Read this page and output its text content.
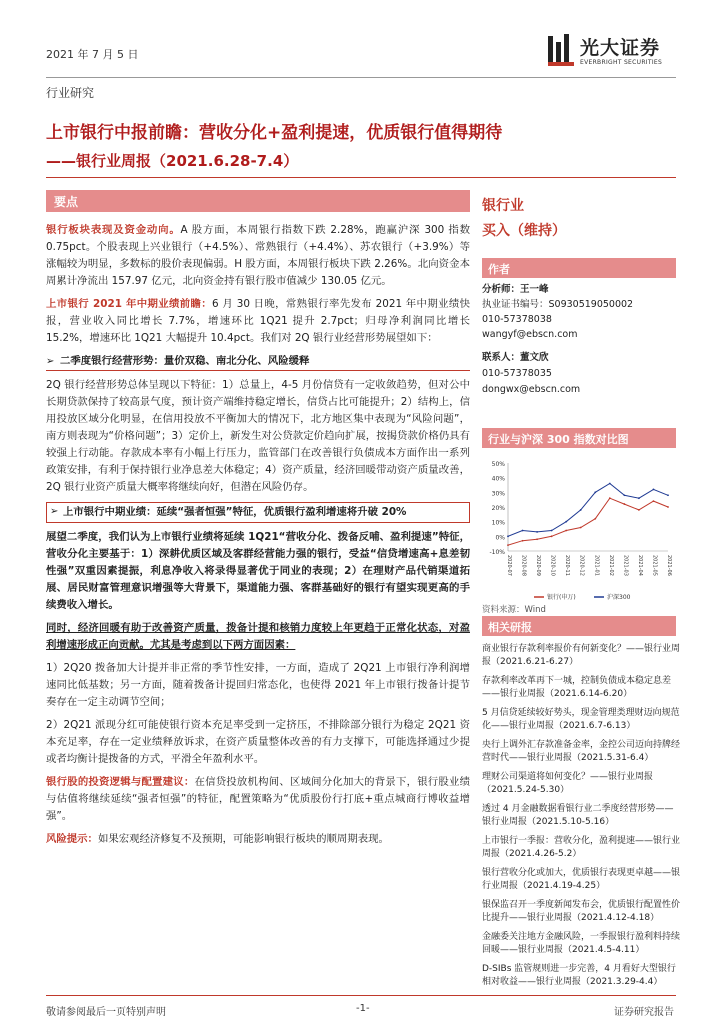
2021 年 7 月 5 日	光大证券
EVERBRIGHT SECURITIES
行业研究
上市银行中报前瞻：营收分化+盈利提速，优质银行值得期待
——银行业周报（2021.6.28-7.4）
要点

银行板块表现及资金动向。A 股方面，本周银行指数下跌 2.28%，跑赢沪深 300 指数 0.75pct。个股表现上兴业银行（+4.5%）、常熟银行（+4.4%）、苏农银行（+3.9%）等涨幅较为明显，多数标的股价表现偏弱。H 股方面，本周银行板块下跌 2.26%。北向资金本周累计净流出 157.97 亿元，北向资金持有银行股市值减少 130.05 亿元。

上市银行 2021 年中期业绩前瞻：6 月 30 日晚，常熟银行率先发布 2021 年中期业绩快报，营业收入同比增长 7.7%，增速环比 1Q21 提升 2.7pct；归母净利润同比增长 15.2%，增速环比 1Q21 大幅提升 10.4pct。我们对 2Q 银行业经营形势展望如下：

➢ 二季度银行经营形势：量价双稳、南北分化、风险缓释

2Q 银行经营形势总体呈现以下特征：1）总量上，4-5 月份信贷有一定收敛趋势，但对公中长期贷款保持了较高景气度，预计资产端维持稳定增长，信贷占比可能提升；2）结构上，信用投放区域分化明显，在信用投放不平衡加大的情况下，北方地区集中表现为“风险问题”，南方则表现为“价格问题”；3）定价上，新发生对公贷款定价趋向扩展，按揭贷款价格仍具有较强上行动能。存款成本率有小幅上行压力，监管部门在改善银行负债成本方面作出一系列政策安排，有利于保持银行业净息差大体稳定；4）资产质量，经济回暖带动资产质量改善，2Q 银行业资产质量大概率将继续向好，但潜在风险仍存。

➢ 上市银行中期业绩：延续“强者恒强”特征，优质银行盈利增速将升破 20%

展望二季度，我们认为上市银行业绩将延续 1Q21“营收分化、拨备反哺、盈利提速”特征， 营收分化主要基于：1）深耕优质区域及客群经营能力强的银行，受益“信贷增速高+息差韧性强”双重因素提振，利息净收入将录得显著优于同业的表现；2）在理财产品代销渠道拓展、居民财富管理意识增强等大背景下，渠道能力强、客群基础好的银行有望实现更高的手续费收入增长。

同时，经济回暖有助于改善资产质量，拨备计提和核销力度较上年更趋于正常化状态，对盈利增速形成正向贡献。尤其是考虑到以下两方面因素：

1）2Q20 拨备加大计提并非正常的季节性安排，一方面，造成了 2Q21 上市银行净利润增速同比低基数；另一方面，随着拨备计提回归常态化，也使得 2021 年上市银行拨备计提节奏存在一定主动调节空间；

2）2Q21 派现分红可能使银行资本充足率受到一定挤压，不排除部分银行为稳定 2Q21 资本充足率，存在一定业绩释放诉求，在资产质量整体改善的有力支撑下，可能选择通过少提或者均衡计提拨备的方式，平滑全年盈利水平。

银行股的投资逻辑与配置建议：在信贷投放机构间、区域间分化加大的背景下，银行股业绩与估值将继续延续“强者恒强”的特征，配置策略为“优质股份行打底+重点城商行博收益增强”。

风险提示：如果宏观经济修复不及预期，可能影响银行板块的顺周期表现。

银行业
买入（维持）
作者
分析师：王一峰
执业证书编号：S0930519050002
010-57378038
wangyf@ebscn.com
联系人：董文欣
010-57378035
dongwx@ebscn.com
行业与沪深 300 指数对比图
50%
40%
30%
20%
10%
0%
-10%
2020-07 2020-08 2020-09 2020-10 2020-11 2020-12 2021-01 2021-02 2021-03 2021-04 2021-05 2021-06
银行(申万)	沪深300
资料来源：Wind
相关研报
商业银行存款利率报价有何新变化？——银行业周报（2021.6.21-6.27）
存款利率改革再下一城，控制负债成本稳定息差——银行业周报（2021.6.14-6.20）
5 月信贷延续较好势头，现金管理类理财迈向规范化——银行业周报（2021.6.7-6.13）
央行上调外汇存款准备金率，金控公司迈向持牌经营时代——银行业周报（2021.5.31-6.4）
理财公司渠道将如何变化？——银行业周报（2021.5.24-5.30）
透过 4 月金融数据看银行业二季度经营形势——银行业周报（2021.5.10-5.16）
上市银行一季报：营收分化，盈利提速——银行业周报（2021.4.26-5.2）
银行营收分化或加大，优质银行表现更卓越——银行业周报（2021.4.19-4.25）
银保监召开一季度新闻发布会，优质银行配置性价比提升——银行业周报（2021.4.12-4.18）
金融委关注地方金融风险，一季报银行盈利料持续回暖——银行业周报（2021.4.5-4.11）
D-SIBs 监管规则进一步完善，4 月看好大型银行相对收益——银行业周报（2021.3.29-4.4）
敬请参阅最后一页特别声明	-1-	证券研究报告
